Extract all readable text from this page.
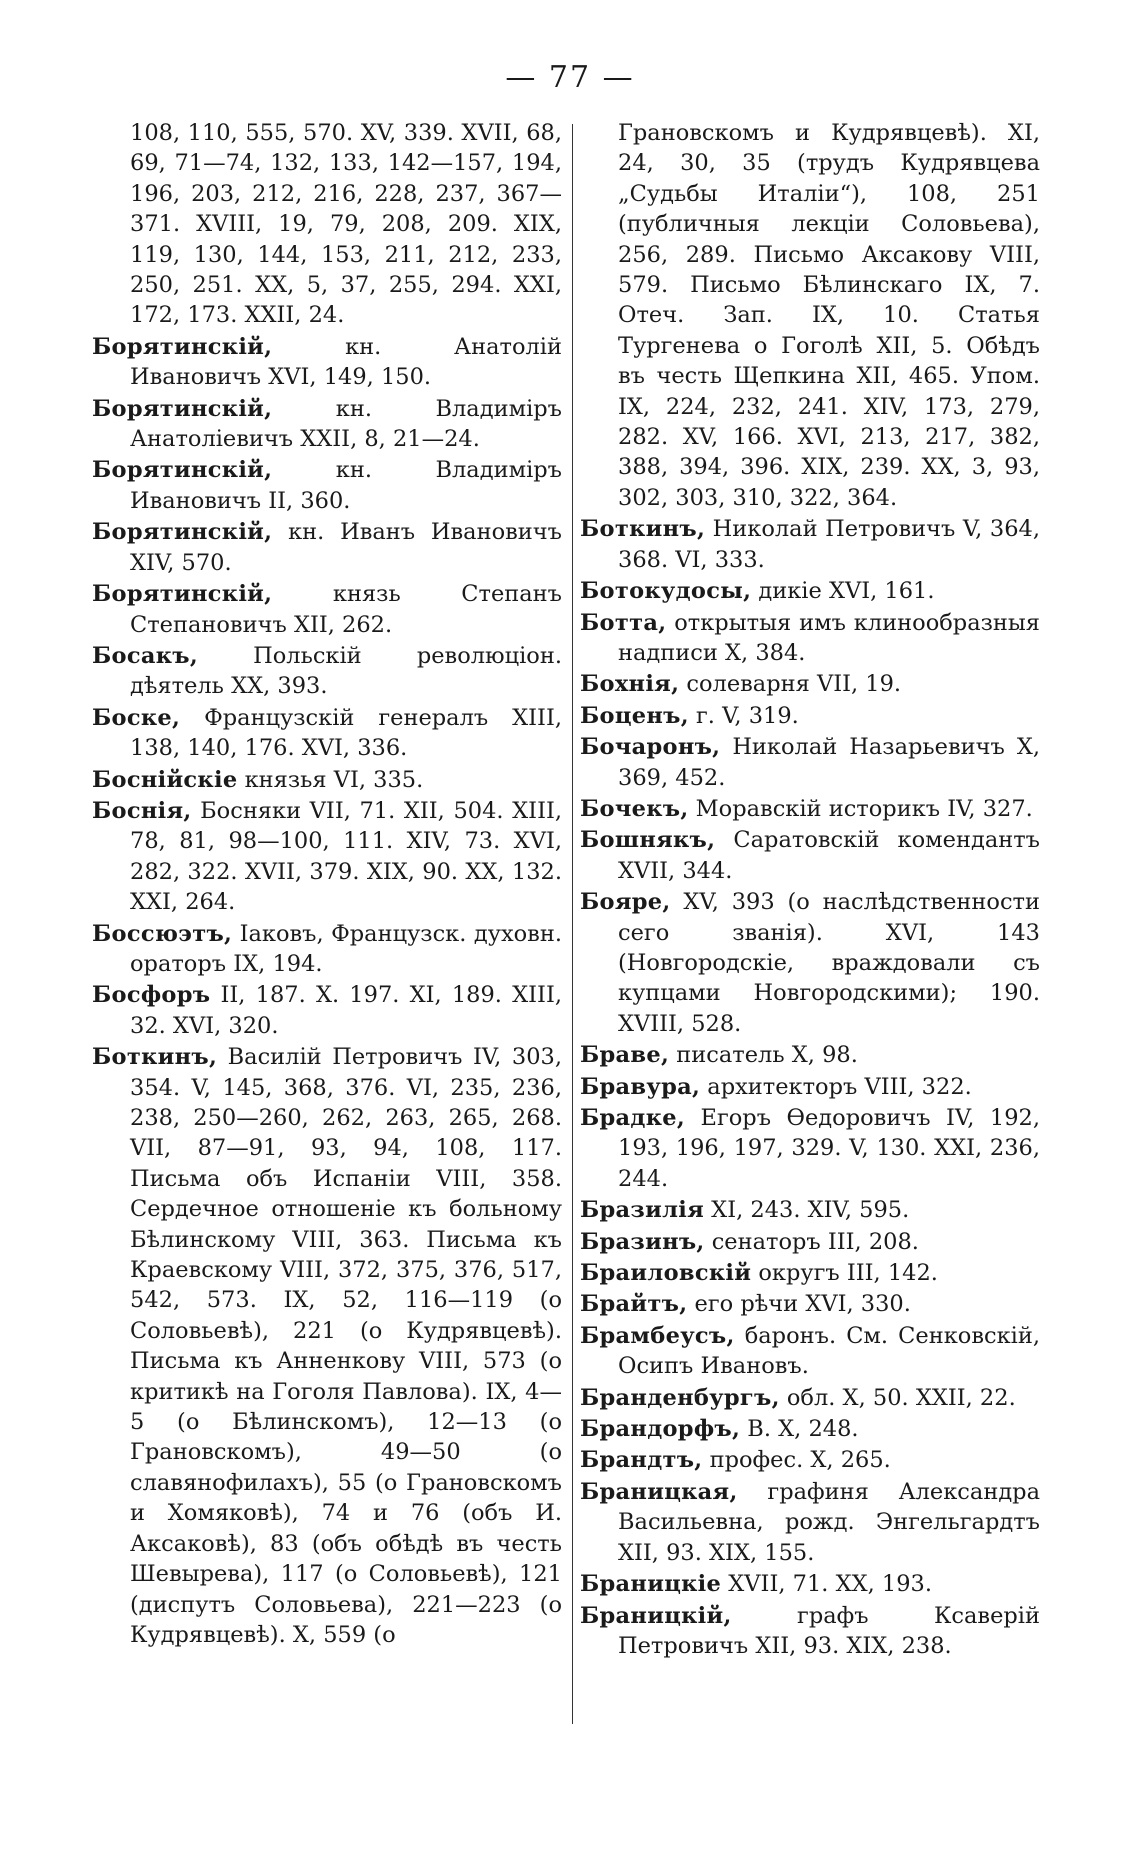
— 77 —
108, 110, 555, 570. XV, 339. XVII, 68, 69, 71—74, 132, 133, 142—157, 194, 196, 203, 212, 216, 228, 237, 367—371. XVIII, 19, 79, 208, 209. XIX, 119, 130, 144, 153, 211, 212, 233, 250, 251. XX, 5, 37, 255, 294. XXI, 172, 173. XXII, 24.
Борятинскій, кн. Анатолій Ивановичъ XVI, 149, 150.
Борятинскій, кн. Владиміръ Анатоліевичъ XXII, 8, 21—24.
Борятинскій, кн. Владиміръ Ивановичъ II, 360.
Борятинскій, кн. Иванъ Ивановичъ XIV, 570.
Борятинскій, князь Степанъ Степановичъ XII, 262.
Босакъ, Польскій революціон. дѣятель XX, 393.
Боске, Французскій генералъ XIII, 138, 140, 176. XVI, 336.
Боснійскіе князья VI, 335.
Боснія, Босняки VII, 71. XII, 504. XIII, 78, 81, 98—100, 111. XIV, 73. XVI, 282, 322. XVII, 379. XIX, 90. XX, 132. XXI, 264.
Боссюэтъ, Іаковъ, Французск. духовн. ораторъ IX, 194.
Босфоръ II, 187. X. 197. XI, 189. XIII, 32. XVI, 320.
Боткинъ, Василій Петровичъ IV, 303, 354. V, 145, 368, 376. VI, 235, 236, 238, 250—260, 262, 263, 265, 268. VII, 87—91, 93, 94, 108, 117. Письма объ Испаніи VIII, 358. Сердечное отношеніе къ больному Бѣлинскому VIII, 363. Письма къ Краевскому VIII, 372, 375, 376, 517, 542, 573. IX, 52, 116—119 (о Соловьевѣ), 221 (о Кудрявцевѣ). Письма къ Анненкову VIII, 573 (о критикѣ на Гоголя Павлова). IX, 4—5 (о Бѣлинскомъ), 12—13 (о Грановскомъ), 49—50 (о славянофилахъ), 55 (о Грановскомъ и Хомяковѣ), 74 и 76 (объ И. Аксаковѣ), 83 (объ обѣдѣ въ честь Шевырева), 117 (о Соловьевѣ), 121 (диспутъ Соловьева), 221—223 (о Кудрявцевѣ). X, 559 (о
Грановскомъ и Кудрявцевѣ). XI, 24, 30, 35 (трудъ Кудрявцева „Судьбы Италіи“), 108, 251 (публичныя лекціи Соловьева), 256, 289. Письмо Аксакову VIII, 579. Письмо Бѣлинскаго IX, 7. Отеч. Зап. IX, 10. Статья Тургенева о Гоголѣ XII, 5. Обѣдъ въ честь Щепкина XII, 465. Упом. IX, 224, 232, 241. XIV, 173, 279, 282. XV, 166. XVI, 213, 217, 382, 388, 394, 396. XIX, 239. XX, 3, 93, 302, 303, 310, 322, 364.
Боткинъ, Николай Петровичъ V, 364, 368. VI, 333.
Ботокудосы, дикіе XVI, 161.
Ботта, открытыя имъ клинообразныя надписи X, 384.
Бохнія, солеварня VII, 19.
Боценъ, г. V, 319.
Бочаронъ, Николай Назарьевичъ X, 369, 452.
Бочекъ, Моравскій историкъ IV, 327.
Бошнякъ, Саратовскій комендантъ XVII, 344.
Бояре, XV, 393 (о наслѣдственности сего званія). XVI, 143 (Новгородскіе, враждовали съ купцами Новгородскими); 190. XVIII, 528.
Браве, писатель X, 98.
Бравура, архитекторъ VIII, 322.
Брадке, Егоръ Ѳедоровичъ IV, 192, 193, 196, 197, 329. V, 130. XXI, 236, 244.
Бразилія XI, 243. XIV, 595.
Бразинъ, сенаторъ III, 208.
Браиловскій округъ III, 142.
Брайтъ, его рѣчи XVI, 330.
Брамбеусъ, баронъ. См. Сенковскій, Осипъ Ивановъ.
Бранденбургъ, обл. X, 50. XXII, 22.
Брандорфъ, В. X, 248.
Брандтъ, профес. X, 265.
Браницкая, графиня Александра Васильевна, рожд. Энгельгардтъ XII, 93. XIX, 155.
Браницкіе XVII, 71. XX, 193.
Браницкій, графъ Ксаверій Петровичъ XII, 93. XIX, 238.
